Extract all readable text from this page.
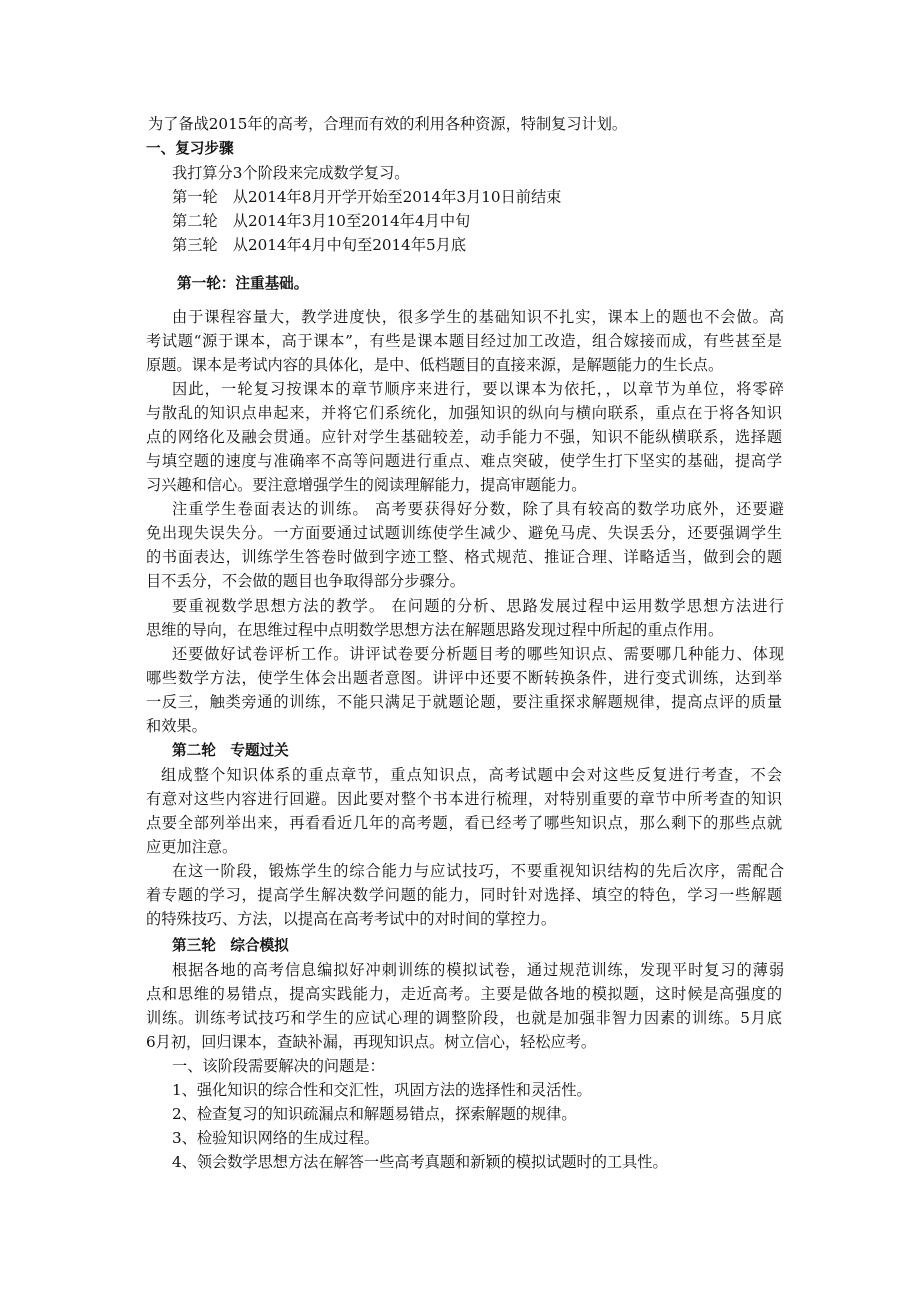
为了备战2015年的高考，合理而有效的利用各种资源，特制复习计划。
一、复习步骤
我打算分3个阶段来完成数学复习。
第一轮　从2014年8月开学开始至2014年3月10日前结束
第二轮　从2014年3月10至2014年4月中旬
第三轮　从2014年4月中旬至2014年5月底
第一轮：注重基础。
由于课程容量大，教学进度快，很多学生的基础知识不扎实，课本上的题也不会做。高
考试题“源于课本，高于课本”，有些是课本题目经过加工改造，组合嫁接而成，有些甚至是
原题。课本是考试内容的具体化，是中、低档题目的直接来源，是解题能力的生长点。
因此，一轮复习按课本的章节顺序来进行，要以课本为依托，，以章节为单位，将零碎
与散乱的知识点串起来，并将它们系统化，加强知识的纵向与横向联系，重点在于将各知识
点的网络化及融会贯通。应针对学生基础较差，动手能力不强，知识不能纵横联系，选择题
与填空题的速度与准确率不高等问题进行重点、难点突破，使学生打下坚实的基础，提高学
习兴趣和信心。要注意增强学生的阅读理解能力，提高审题能力。
注重学生卷面表达的训练。 高考要获得好分数，除了具有较高的数学功底外，还要避
免出现失误失分。一方面要通过试题训练使学生减少、避免马虎、失误丢分，还要强调学生
的书面表达，训练学生答卷时做到字迹工整、格式规范、推证合理、详略适当，做到会的题
目不丢分，不会做的题目也争取得部分步骤分。
要重视数学思想方法的教学。 在问题的分析、思路发展过程中运用数学思想方法进行
思维的导向，在思维过程中点明数学思想方法在解题思路发现过程中所起的重点作用。
还要做好试卷评析工作。讲评试卷要分析题目考的哪些知识点、需要哪几种能力、体现
哪些数学方法，使学生体会出题者意图。讲评中还要不断转换条件，进行变式训练，达到举
一反三，触类旁通的训练，不能只满足于就题论题，要注重探求解题规律，提高点评的质量
和效果。
第二轮　专题过关
组成整个知识体系的重点章节，重点知识点，高考试题中会对这些反复进行考查，不会
有意对这些内容进行回避。因此要对整个书本进行梳理，对特别重要的章节中所考查的知识
点要全部列举出来，再看看近几年的高考题，看已经考了哪些知识点，那么剩下的那些点就
应更加注意。
在这一阶段，锻炼学生的综合能力与应试技巧，不要重视知识结构的先后次序，需配合
着专题的学习，提高学生解决数学问题的能力，同时针对选择、填空的特色，学习一些解题
的特殊技巧、方法，以提高在高考考试中的对时间的掌控力。
第三轮　综合模拟
根据各地的高考信息编拟好冲刺训练的模拟试卷，通过规范训练，发现平时复习的薄弱
点和思维的易错点，提高实践能力，走近高考。主要是做各地的模拟题，这时候是高强度的
训练。训练考试技巧和学生的应试心理的调整阶段，也就是加强非智力因素的训练。5月底
6月初，回归课本，查缺补漏，再现知识点。树立信心，轻松应考。
一、该阶段需要解决的问题是：
1、强化知识的综合性和交汇性，巩固方法的选择性和灵活性。
2、检查复习的知识疏漏点和解题易错点，探索解题的规律。
3、检验知识网络的生成过程。
4、领会数学思想方法在解答一些高考真题和新颖的模拟试题时的工具性。
